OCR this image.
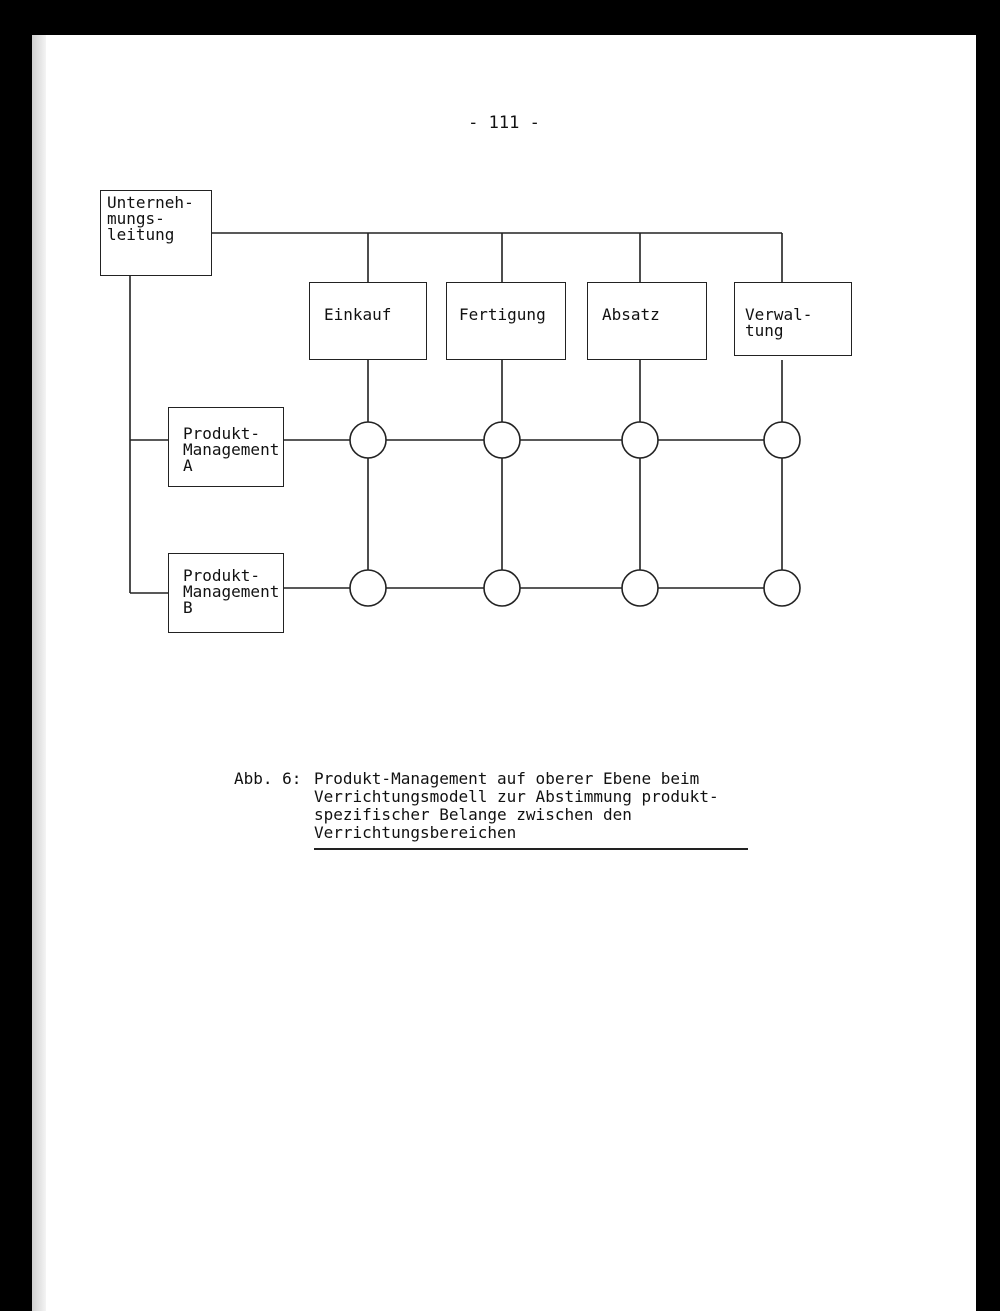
- 111 -
Unterneh-
mungs-
leitung
Einkauf	Fertigung	Absatz	Verwal-
tung
Produkt-
Management
A
Produkt-
Management
B
Abb. 6: Produkt-Management auf oberer Ebene beim
Verrichtungsmodell zur Abstimmung produkt-
spezifischer Belange zwischen den
Verrichtungsbereichen
